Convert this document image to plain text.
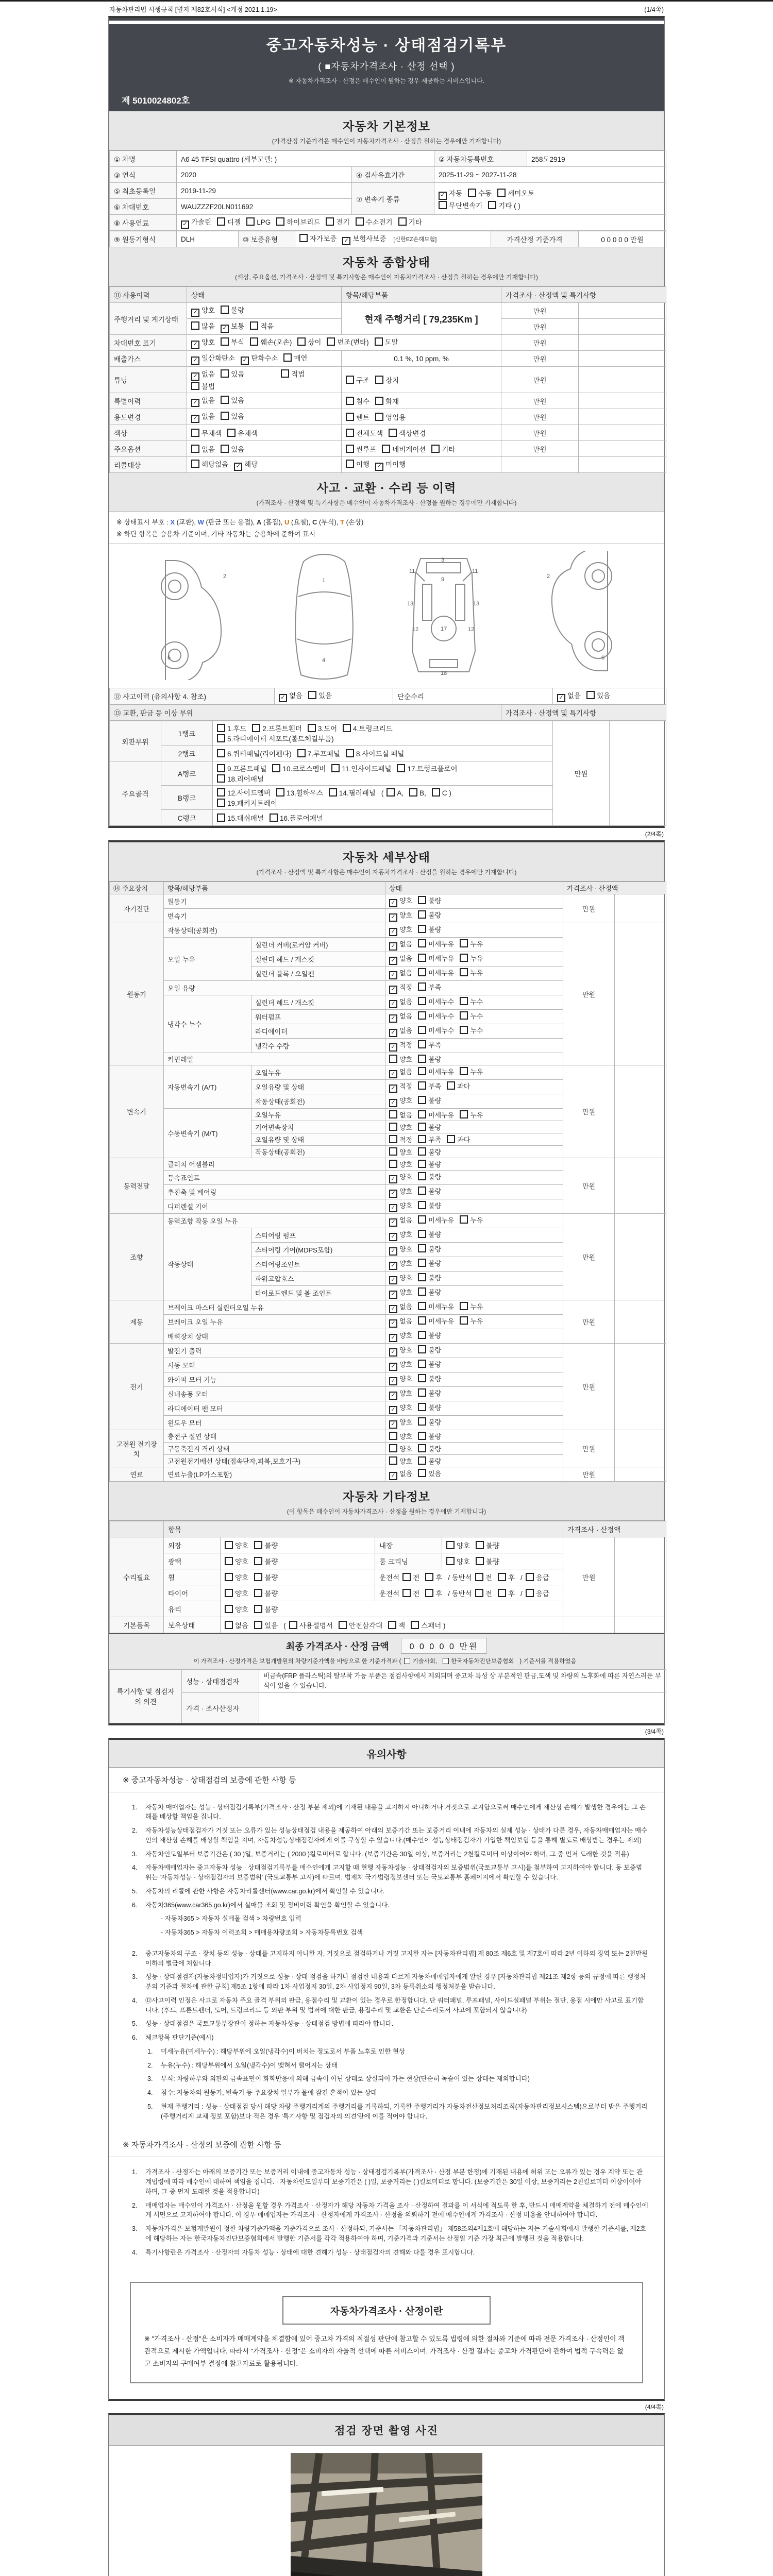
자동차관리법 시행규칙 [별지 제82호서식] <개정 2021.1.19>	(1/4쪽)
중고자동차성능 · 상태점검기록부
( ■자동차가격조사 · 산정 선택 )
※ 자동차가격조사 · 산정은 매수인이 원하는 경우 제공하는 서비스입니다.
제 5010024802호
자동차 기본정보
(가격산정 기준가격은 매수인이 자동차가격조사 · 산정을 원하는 경우에만 기재합니다)
① 차명	A6 45 TFSI quattro (세부모델: )		② 자동차등록번호	258도2919
③ 연식	2020	④ 검사유효기간	2025-11-29 ~ 2027-11-28	
⑤ 최초등록일	2019-11-29	⑦ 변속기 종류	✓자동 수동 세미오토
무단변속기 기타 ( )
⑥ 차대번호	WAUZZZF20LN011692			
⑧ 사용연료	✓가솔린 디젤 LPG 하이브리드 전기 수소전기 기타
⑨ 원동기형식	DLH	⑩ 보증유형	자가보증 ✓ 보험사보증 [신한EZ손해보험]	가격산정 기준가격	0 0 0 0 0 만원
자동차 종합상태
(색상, 주요옵션, 가격조사 · 산정액 및 특기사항은 매수인이 자동차가격조사 · 산정을 원하는 경우에만 기재합니다)
⑪ 사용이력	상태	항목/해당부품	가격조사 · 산정액 및 특기사항	
주행거리 및 계기상태	✓양호 불량	현재 주행거리 [ 79,235Km ]	만원	
	많음 ✓ 보통 적음		만원	
차대번호 표기	✓양호 부식 훼손(오손) 상이 변조(변타) 도말		만원	
배출가스	✓일산화탄소 ✓ 탄화수소 매연	0.1 %, 10 ppm, %	만원	
튜닝	✓없음 있음 적법불법	구조 장치	만원	
특별이력	✓없음 있음	침수 화재	만원	
용도변경	✓없음 있음	렌트 영업용	만원	
색상	무채색 유채색	전체도색 색상변경	만원	
주요옵션	없음 있음	썬루프 네비게이션 기타	만원	
리콜대상	해당없음 ✓ 해당	이행 ✓ 미이행		
사고 · 교환 · 수리 등 이력
(가격조사 · 산정액 및 특기사항은 매수인이 자동차가격조사 · 산정을 원하는 경우에만 기재합니다)
※ 상태표시 부호 : X (교환), W (판금 또는 용접), A (흠집), U (요철), C (부식), T (손상)
※ 하단 항목은 승용차 기준이며, 기타 자동차는 승용차에 준하여 표시
2
6
1
4
11	11
3
9
13	13
12	12
17
18
2
6
⑫ 사고이력 (유의사항 4. 참조)	✓없음 있음	단순수리	✓없음 있음
⑬ 교환, 판금 등 이상 부위	가격조사 · 산정액 및 특기사항
외판부위	1랭크	1.후드 2.프론트휀더 3.도어 4.트렁크리드
5.라디에이터 서포트(볼트체결부품)	만원	
	2랭크	6.쿼터패널(리어휀다) 7.루프패널 8.사이드실 패널		
주요골격	A랭크	9.프론트패널 10.크로스멤버 11.인사이드패널 17.트렁크플로어
18.리어패널		
	B랭크	12.사이드멤버 13.휠하우스 14.필러패널 ( A, B, C )
19.패키지트레이		
	C랭크	15.대쉬패널 16.플로어패널		
(2/4쪽)
자동차 세부상태
(가격조사 · 산정액 및 특기사항은 매수인이 자동차가격조사 · 산정을 원하는 경우에만 기재합니다)
⑭ 주요장치	항목/해당부품		상태	가격조사 · 산정액	
자기진단	원동기	✓양호 불량	만원	
	변속기	✓양호 불량
원동기	작동상태(공회전)	✓양호 불량	만원	
	오일 누유	실린더 커버(로커암 커버)	✓없음 미세누유 누유
		실린더 헤드 / 개스킷	✓없음 미세누유 누유
		실린더 블록 / 오일팬	✓없음 미세누유 누유
	오일 유량	✓적정 부족
	냉각수 누수	실린더 헤드 / 개스킷	✓없음 미세누수 누수
		워터펌프	✓없음 미세누수 누수
		라디에이터	✓없음 미세누수 누수
		냉각수 수량	✓적정 부족
	커먼레일		양호 불량		
변속기	자동변속기 (A/T)	오일누유	✓없음 미세누유 누유	만원	
		오일유량 및 상태	✓적정 부족 과다
		작동상태(공회전)	✓양호 불량
	수동변속기 (M/T)	오일누유	없음 미세누유 누유		
		기어변속장치	양호 불량		
		오일유량 및 상태	적정 부족 과다		
		작동상태(공회전)	양호 불량		
동력전달	클러치 어셈블리		양호 불량	만원	
	등속죠인트	✓양호 불량
	추진축 및 베어링	✓양호 불량
	디퍼렌셜 기어	✓양호 불량
조향	동력조향 작동 오일 누유	✓없음 미세누유 누유	만원	
	작동상태	스티어링 펌프	✓양호 불량
		스티어링 기어(MDPS포함)	✓양호 불량
		스티어링조인트	✓양호 불량
		파워고압호스	✓양호 불량
		타이로드엔드 및 볼 조인트	✓양호 불량
제동	브레이크 마스터 실린더오일 누유	✓없음 미세누유 누유	만원	
	브레이크 오일 누유	✓없음 미세누유 누유
	배력장치 상태	✓양호 불량
전기	발전기 출력	✓양호 불량	만원	
	시동 모터	✓양호 불량
	와이퍼 모터 기능	✓양호 불량
	실내송풍 모터	✓양호 불량
	라디에이터 팬 모터	✓양호 불량
	윈도우 모터	✓양호 불량
고전원 전기장치	충전구 절연 상태		양호 불량	만원	
	구동축전지 격리 상태		양호 불량		
	고전원전기배선 상태(접속단자,피복,보호기구)		양호 불량		
연료	연료누출(LP가스포함)	✓없음 있음	만원	
자동차 기타정보
(이 항목은 매수인이 자동차가격조사 · 산정을 원하는 경우에만 기재합니다)
	항목				가격조사 · 산정액	
수리필요	외장	양호 불량	내장	양호 불량	만원	
	광택	양호 불량	룸 크리닝	양호 불량		
	휠	양호 불량	운전석 전 후 / 동반석 전 후 / 응급			
	타이어	양호 불량	운전석 전 후 / 동반석 전 후 / 응급			
	유리	양호 불량				
기본품목	보유상태	없음 있음 ( 사용설명서 안전삼각대 잭 스패너 )				
최종 가격조사 · 산정 금액	0 0 0 0 0 만원
이 가격조사 · 산정가격은 보험개발원의 차량기준가액을 바탕으로 한 기준가격과 ( 기술사회, 한국자동차진단보증협회 ) 기준서를 적용하였음
특기사항 및 점검자의 의견	성능 · 상태점검자	비금속(FRP 플라스틱)의 탈부착 가능 부품은 점검사항에서 제외되며 중고차 특성 상 부분적인 판금,도색 및 차량의 노후화에 따른 자연스러운 부식이 있을 수 있습니다.
	가격 · 조사산정자	
(3/4쪽)
유의사항
※ 중고자동차성능 · 상태점검의 보증에 관한 사항 등
1.	자동차 매매업자는 성능 · 상태점검기록부(가격조사 · 산정 부분 제외)에 기재된 내용을 고지하지 아니하거나 거짓으로 고지함으로써 매수인에게 재산상 손해가 발생한 경우에는 그 손해를 배상할 책임을 집니다.
2.	자동차성능상태점검자가 거짓 또는 오류가 있는 성능상태점검 내용을 제공하여 아래의 보증기간 또는 보증거리 이내에 자동차의 실제 성능 · 상태가 다른 경우, 자동차매매업자는 매수인의 재산상 손해를 배상할 책임을 지며, 자동차성능상태점검자에게 이를 구상할 수 있습니다.(매수인이 성능상태점검자가 가입한 책임보험 등을 통해 별도로 배상받는 경우는 제외)
3.	자동차인도일부터 보증기간은 ( 30 )일, 보증거리는 ( 2000 )킬로미터로 합니다. (보증기간은 30일 이상, 보증거리는 2천킬로미터 이상이어야 하며, 그 중 먼저 도래한 것을 적용)
4.	자동차매매업자는 중고자동차 성능 · 상태점검기록부를 매수인에게 고지할 때 현행 자동차성능 · 상태점검자의 보증범위(국토교통부 고시)를 첨부하여 고지하여야 합니다. 동 보증범위는 '자동차성능 · 상태점검자의 보증범위' (국토교통부 고시)에 따르며, 법제처 국가법령정보센터 또는 국토교통부 홈페이지에서 확인할 수 있습니다.
5.	자동차의 리콜에 관한 사항은 자동차리콜센터(www.car.go.kr)에서 확인할 수 있습니다.
6.	자동차365(www.car365.go.kr)에서 실매물 조회 및 정비이력 확인을 확인할 수 있습니다.
- 자동차365 > 자동차 실매물 검색 > 차량번호 입력
- 자동차365 > 자동차 이력조회 > 매매용차량조회 > 자동차등록번호 검색
2.	중고자동차의 구조 · 장치 등의 성능 · 상태를 고지하지 아니한 자, 거짓으로 점검하거나 거짓 고지한 자는 [자동차관리법] 제 80조 제6호 및 제7호에 따라 2년 이하의 징역 또는 2천만원 이하의 벌금에 처합니다.
3.	성능 · 상태점검자(자동차정비업자)가 거짓으로 성능 · 상태 점검을 하거나 점검한 내용과 다르게 자동차매매업자에게 알린 경우 [자동차관리법 제21조 제2항 등의 규정에 따른 행정처분의 기준과 절차에 관한 규칙] 제5조 1항에 따라 1차 사업정지 30일, 2차 사업정지 90일, 3차 등록취소의 행정처분을 받습니다.
4.	⑫사고이력 인정은 사고로 자동차 주요 골격 부위의 판금, 용접수리 및 교환이 있는 경우로 한정합니다. 단 쿼터패널, 루프패널, 사이드실패널 부위는 절단, 용접 시에만 사고로 표기합니다. (후드, 프론트펜더, 도어, 트렁크리드 등 외판 부위 및 범퍼에 대한 판금, 용접수리 및 교환은 단순수리로서 사고에 포함되지 않습니다)
5.	성능 · 상태점검은 국토교통부장관이 정하는 자동차성능 · 상태점검 방법에 따라야 합니다.
6.	체크항목 판단기준(예시)
1.	미세누유(미세누수) : 해당부위에 오일(냉각수)이 비치는 정도로서 부품 노후로 인한 현상
2.	누유(누수) : 해당부위에서 오일(냉각수)이 맺혀서 떨어지는 상태
3.	부식: 차량하부와 외판의 금속표면이 화학반응에 의해 금속이 아닌 상태로 상실되어 가는 현상(단순히 녹슬어 있는 상태는 제외합니다)
4.	침수: 자동차의 원동기, 변속기 등 주요장치 일부가 물에 잠긴 흔적이 있는 상태
5.	현재 주행거리 : 성능 · 상태점검 당시 해당 차량 주행거리계의 주행거리를 기록하되, 기록한 주행거리가 자동차전산정보처리조직(자동차관리정보시스템)으로부터 받은 주행거리(주행거리계 교체 정보 포함)보다 적은 경우 '특기사항 및 점검자의 의견'란에 이를 적어야 합니다.
※ 자동차가격조사 · 산정의 보증에 관한 사항 등
1.	가격조사 · 산정자는 아래의 보증기간 또는 보증거리 이내에 중고자동차 성능 · 상태점검기록부(가격조사 · 산정 부분 한정)에 기재된 내용에 허위 또는 오류가 있는 경우 계약 또는 관계법령에 따라 매수인에 대하여 책임을 집니다. · 자동차인도일부터 보증기간은 ( )일, 보증거리는 ( )킬로미터로 합니다. (보증기간은 30일 이상, 보증거리는 2천킬로미터 이상이어야 하며, 그 중 먼저 도래한 것을 적용합니다)
2.	매매업자는 매수인이 가격조사 · 산정을 원할 경우 가격조사 · 산정자가 해당 자동차 가격을 조사 · 산정하여 결과를 이 서식에 적도록 한 후, 반드시 매매계약을 체결하기 전에 매수인에게 서면으로 고지하여야 합니다. 이 경우 매매업자는 가격조사 · 산정자에게 가격조사 · 산정을 의뢰하기 전에 매수인에게 가격조사 · 산정 비용을 안내하여야 합니다.
3.	자동차가격은 보험개발원이 정한 차량기준가액을 기준가격으로 조사 · 산정하되, 기준서는 「자동차관리법」 제58조의4제1호에 해당하는 자는 기술사회에서 발행한 기준서를, 제2호에 해당하는 자는 한국자동차진단보증협회에서 발행한 기준서를 각각 적용하여야 하며, 기준가격과 기준서는 산정일 기준 가장 최근에 발행된 것을 적용합니다.
4.	특기사항란은 가격조사 · 산정자의 자동차 성능 · 상태에 대한 견해가 성능 · 상태점검자의 견해와 다를 경우 표시합니다.
자동차가격조사 · 산정이란
※ "가격조사 · 산정"은 소비자가 매매계약을 체결함에 있어 중고차 가격의 적절성 판단에 참고할 수 있도록 법령에 의한 절차와 기준에 따라 전문 가격조사 · 산정인이 객관적으로 제시한 가액입니다. 따라서 "가격조사 · 산정"은 소비자의 자율적 선택에 따른 서비스이며, 가격조사 · 산정 결과는 중고차 가격판단에 관하여 법적 구속력은 없고 소비자의 구매여부 결정에 참고자료로 활용됩니다.
(4/4쪽)
점검 장면 촬영 사진
